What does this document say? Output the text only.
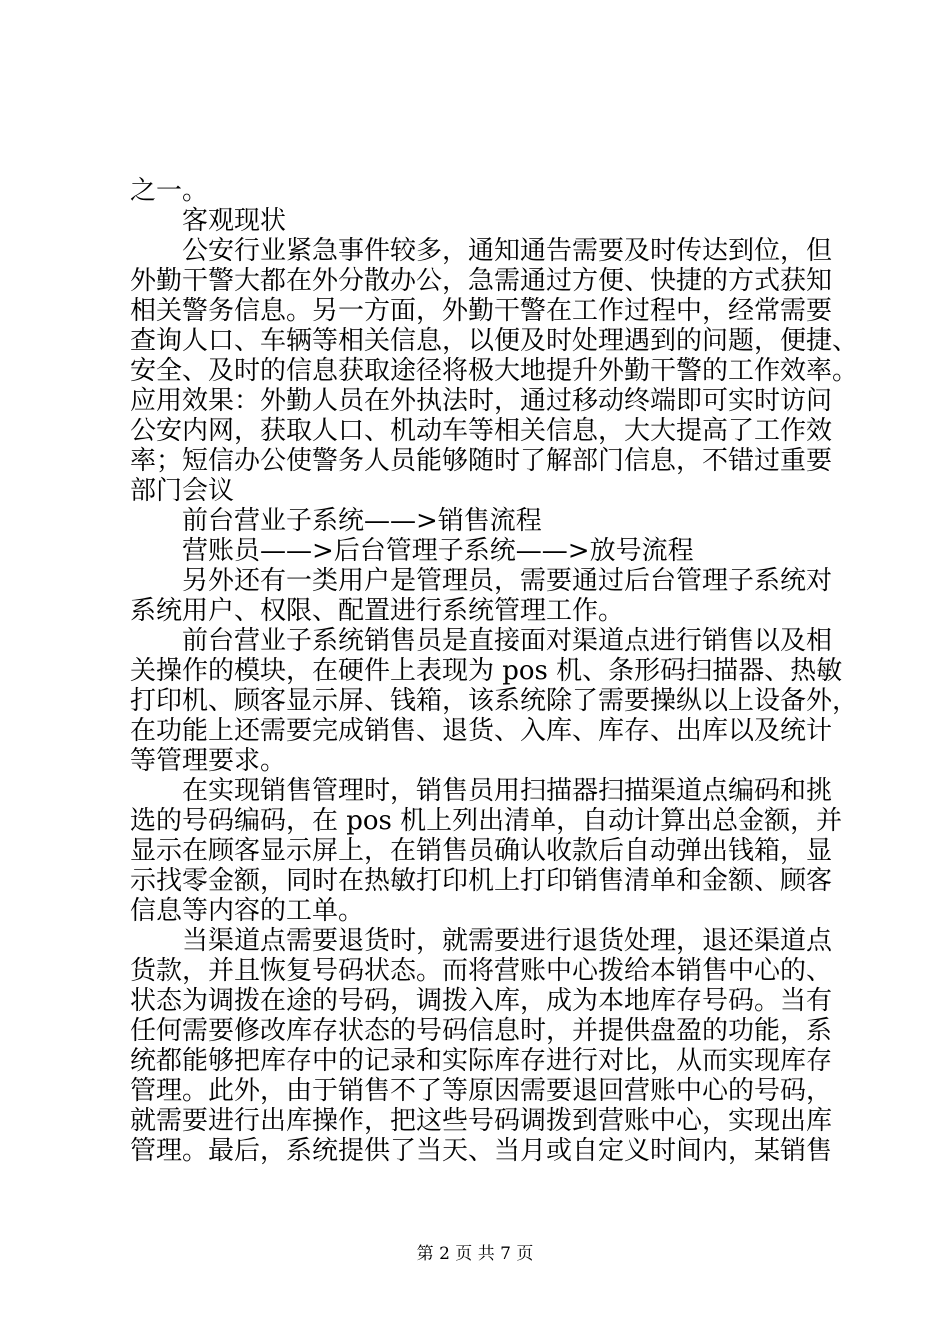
之一。
客观现状
公安行业紧急事件较多，通知通告需要及时传达到位，但
外勤干警大都在外分散办公，急需通过方便、快捷的方式获知
相关警务信息。另一方面，外勤干警在工作过程中，经常需要
查询人口、车辆等相关信息，以便及时处理遇到的问题，便捷、
安全、及时的信息获取途径将极大地提升外勤干警的工作效率。
应用效果：外勤人员在外执法时，通过移动终端即可实时访问
公安内网，获取人口、机动车等相关信息，大大提高了工作效
率；短信办公使警务人员能够随时了解部门信息，不错过重要
部门会议
前台营业子系统——>销售流程
营账员——>后台管理子系统——>放号流程
另外还有一类用户是管理员，需要通过后台管理子系统对
系统用户、权限、配置进行系统管理工作。
前台营业子系统销售员是直接面对渠道点进行销售以及相
关操作的模块，在硬件上表现为 pos 机、条形码扫描器、热敏
打印机、顾客显示屏、钱箱，该系统除了需要操纵以上设备外，
在功能上还需要完成销售、退货、入库、库存、出库以及统计
等管理要求。
在实现销售管理时，销售员用扫描器扫描渠道点编码和挑
选的号码编码，在 pos 机上列出清单，自动计算出总金额，并
显示在顾客显示屏上，在销售员确认收款后自动弹出钱箱，显
示找零金额，同时在热敏打印机上打印销售清单和金额、顾客
信息等内容的工单。
当渠道点需要退货时，就需要进行退货处理，退还渠道点
货款，并且恢复号码状态。而将营账中心拨给本销售中心的、
状态为调拨在途的号码，调拨入库，成为本地库存号码。当有
任何需要修改库存状态的号码信息时，并提供盘盈的功能，系
统都能够把库存中的记录和实际库存进行对比，从而实现库存
管理。此外，由于销售不了等原因需要退回营账中心的号码，
就需要进行出库操作，把这些号码调拨到营账中心，实现出库
管理。最后，系统提供了当天、当月或自定义时间内，某销售
第 2 页 共 7 页
